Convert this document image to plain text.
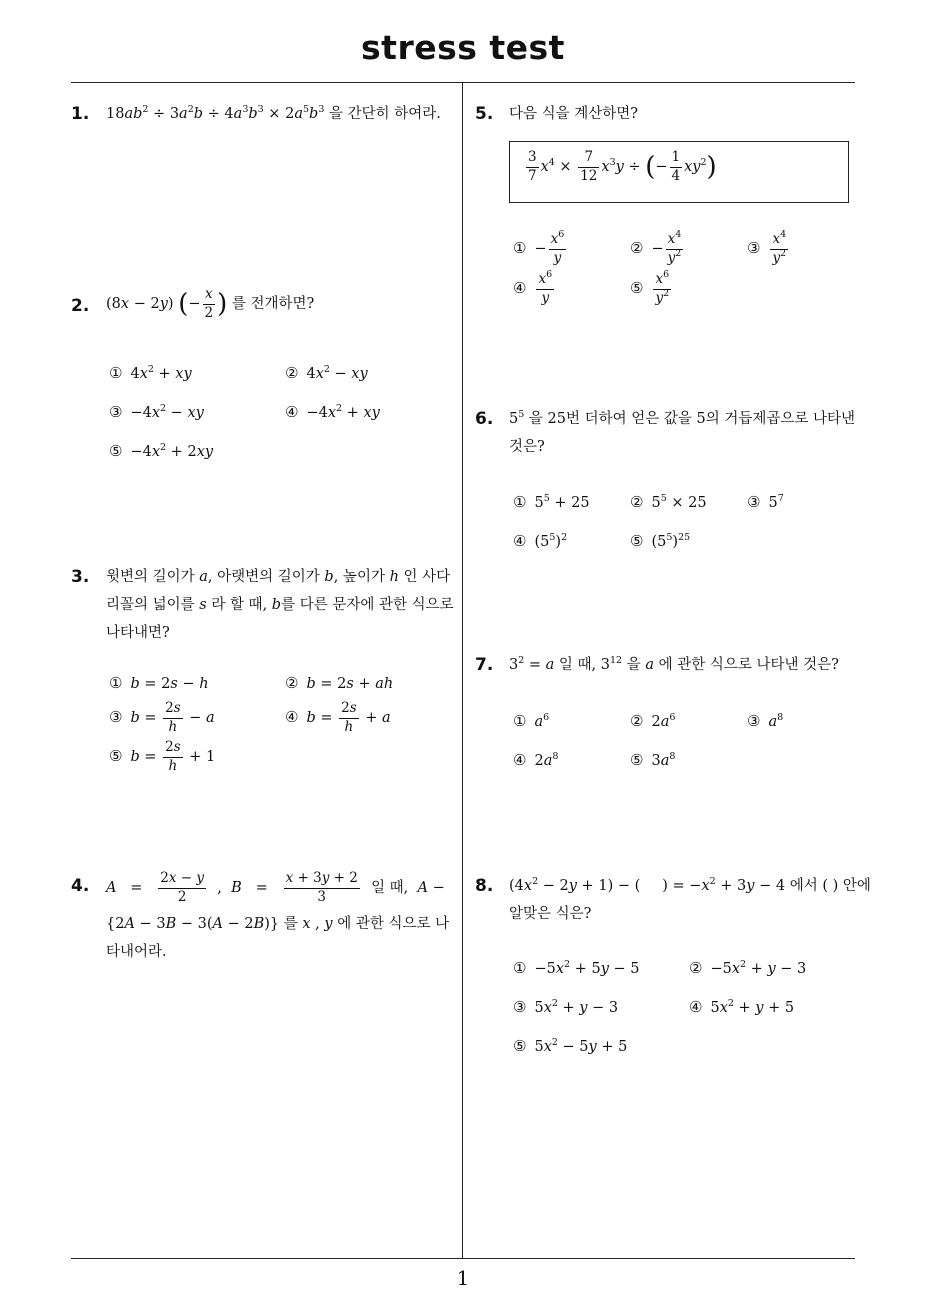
stress test
1
1. $18ab^2 \div 3a^2b \div 4a^3b^3 \times 2a^5b^3$ 을 간단히 하여라.
2. (8x − 2y) (− $\frac{x}{2}$ ) 를 전개하면?
① $4x^2$ + xy	② $4x^2$ − xy
③ $-4x^2$ − xy	④ $-4x^2$ + xy
⑤ $-4x^2 + 2xy$
3. 윗변의 길이가 a, 아랫변의 길이가 b, 높이가 h 인 사다
리꼴의 넓이를 s 라 할 때, b를 다른 문자에 관한 식으로
나타내면?
① b = 2s − h	② b = 2s + ah
③ $b = \frac{2s}{h} - a$	④ $b = \frac{2s}{h} + a$
⑤ $b = \frac{2s}{h} + 1$
4. $A = \frac{2x - y}{2}$ ,  $B = \frac{x + 3y + 2}{3}$ 일 때, A −
{2A − 3B − 3(A − 2B)} 를 x , y 에 관한 식으로 나
타내어라.
5. 다음 식을 계산하면?
$\frac{3}{7} x^4 \times \frac{7}{12} x^3y$ ÷ (− $\frac{1}{4} xy^2$)
① − $\frac{x^6}{y}$	② − $\frac{x^4}{y^2}$	③ $\frac{x^4}{y^2}$
④ $\frac{x^6}{y}$	⑤ $\frac{x^6}{y^2}$
6. $5^5$ 을 25번 더하여 얻은 값을 5의 거듭제곱으로 나타낸
것은?
① $5^5 + 25$	② $5^5 \times 25$	③ $5^7$
④ $(5^5)^2$	⑤ $(5^5)^{25}$
7. $3^2 = a$ 일 때, $3^{12}$ 을 a 에 관한 식으로 나타낸 것은?
① $a^6$	② $2a^6$	③ $a^8$
④ $2a^8$	⑤ $3a^8$
8. $(4x^2 - 2y + 1)$ − ( ) = $-x^2 + 3y - 4$ 에서 ( ) 안에
알맞은 식은?
① $-5x^2 + 5y - 5$	② $-5x^2 + y - 3$
③ $5x^2 + y - 3$	④ $5x^2 + y + 5$
⑤ $5x^2 - 5y + 5$
